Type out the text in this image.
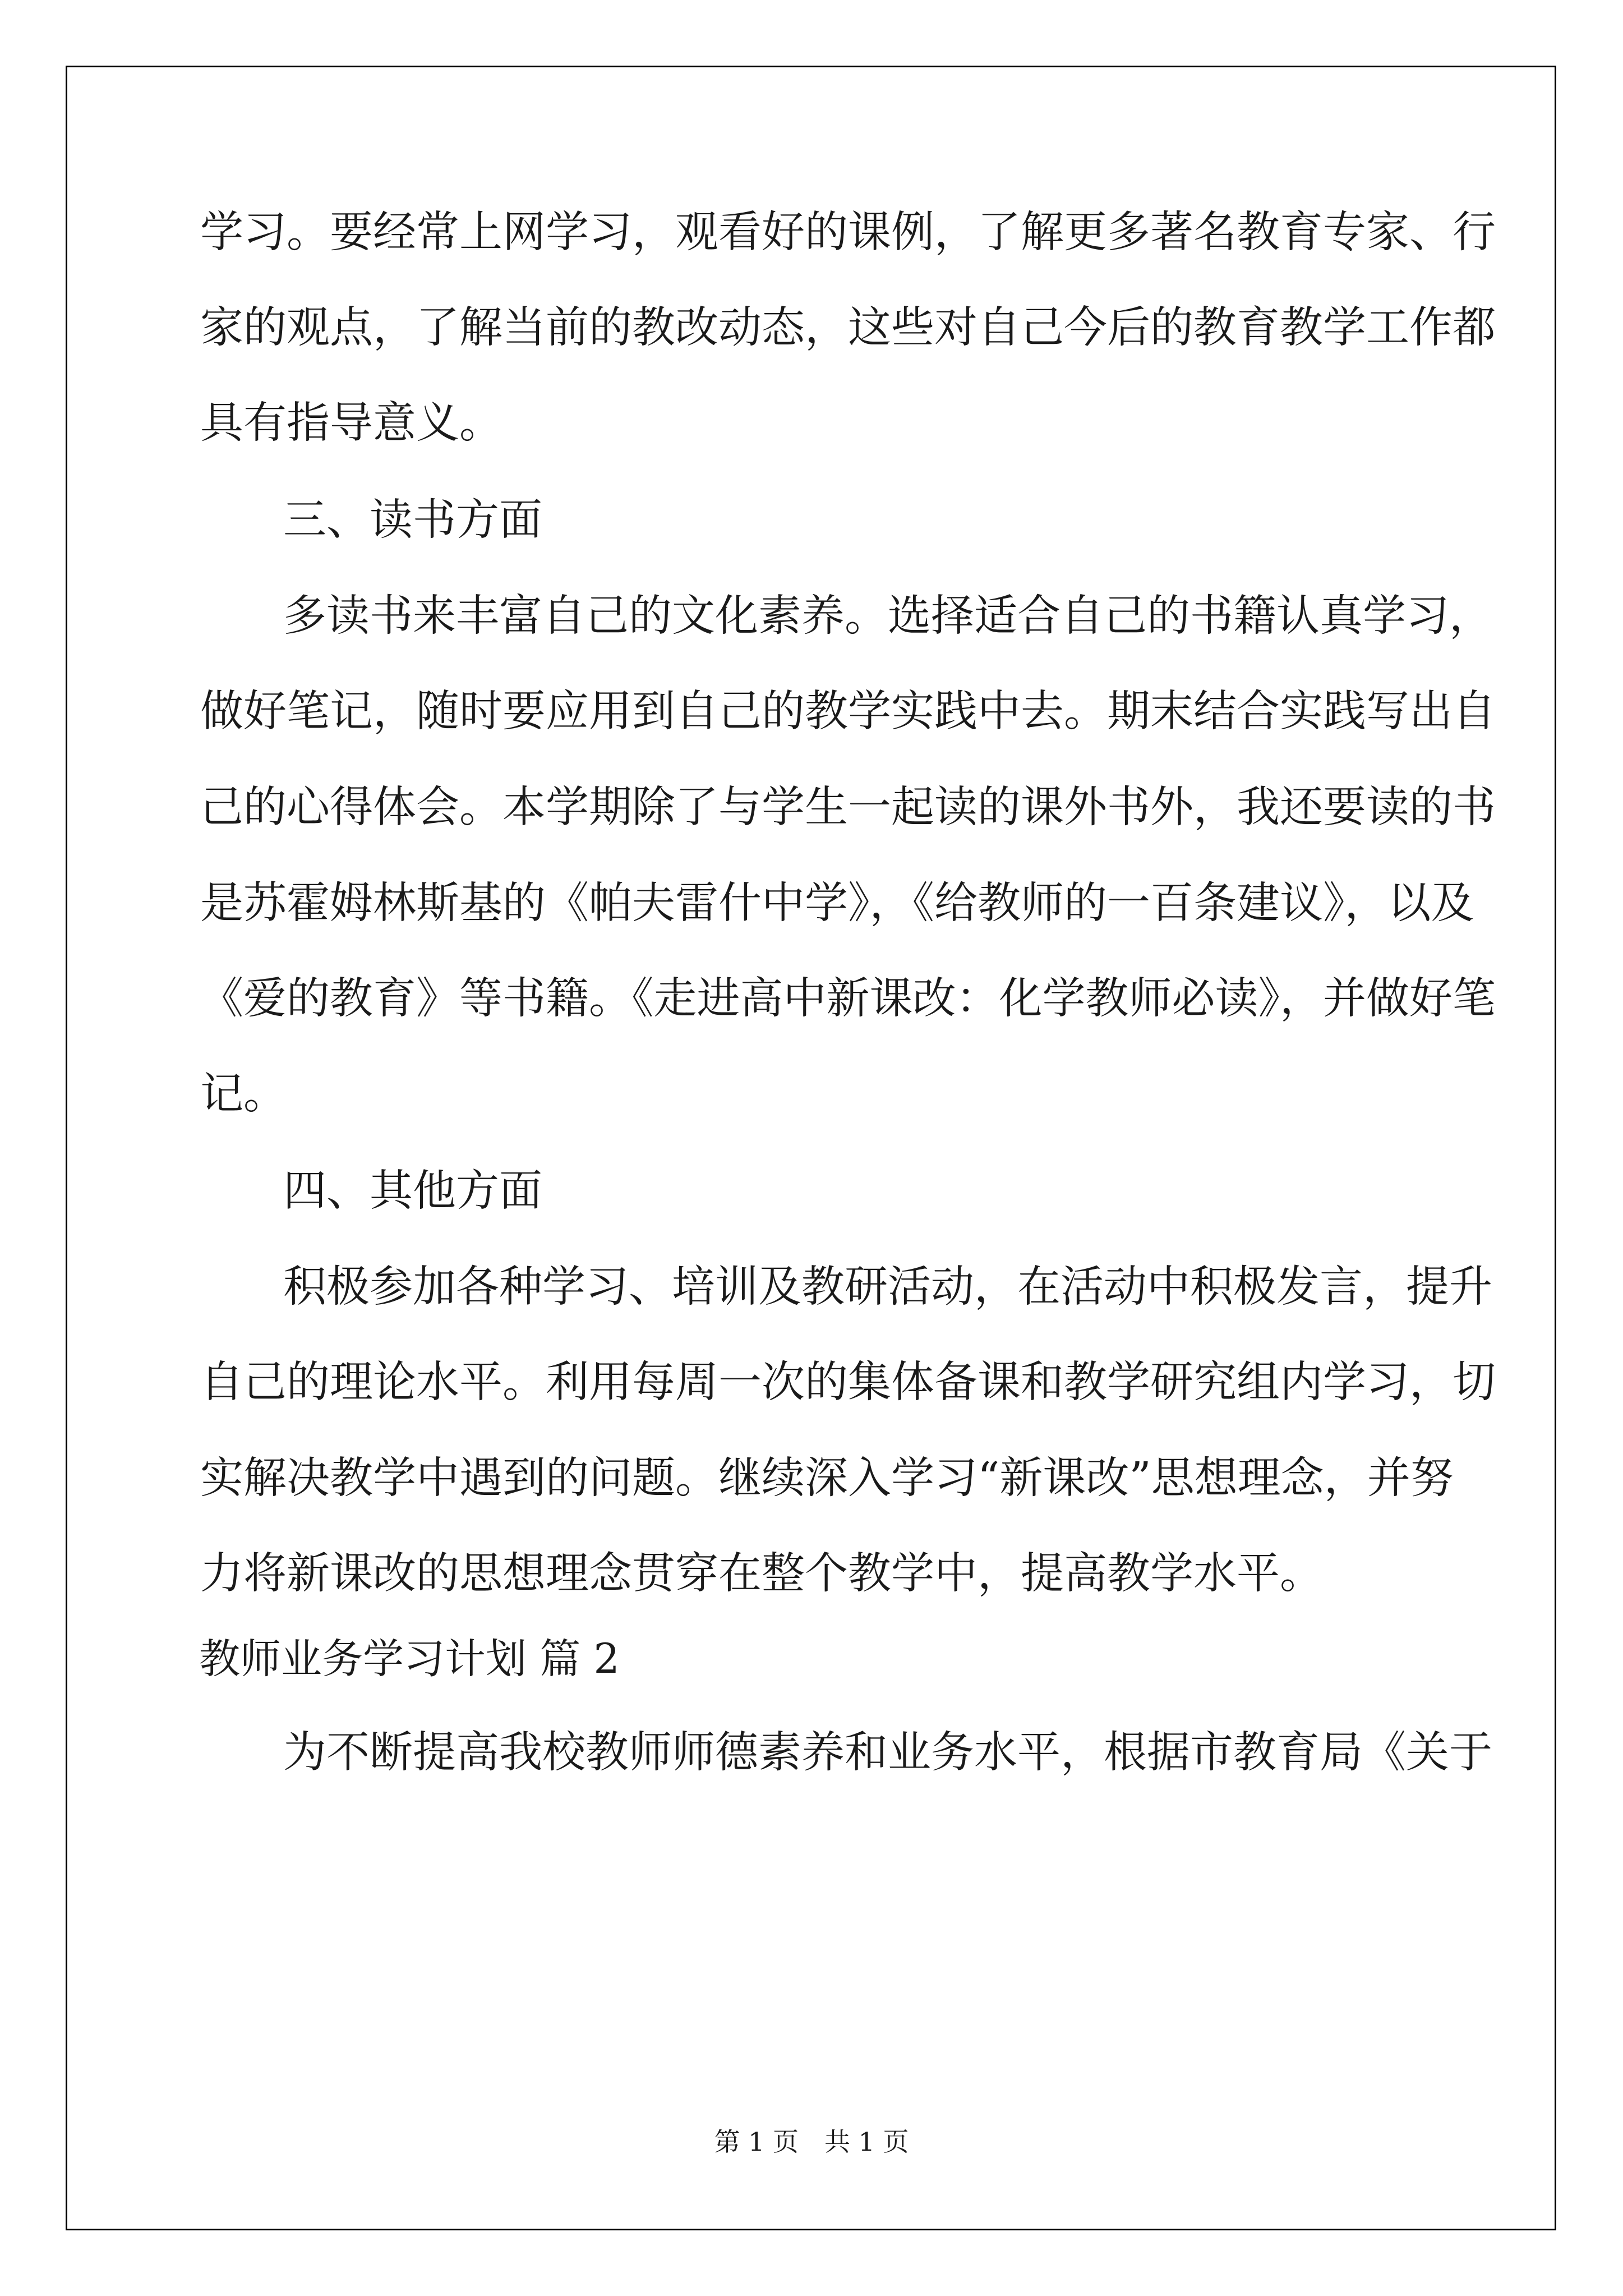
学习。要经常上网学习，观看好的课例，了解更多著名教育专家、行
家的观点，了解当前的教改动态，这些对自己今后的教育教学工作都
具有指导意义。
三、读书方面
多读书来丰富自己的文化素养。选择适合自己的书籍认真学习，
做好笔记，随时要应用到自己的教学实践中去。期末结合实践写出自
己的心得体会。本学期除了与学生一起读的课外书外，我还要读的书
是苏霍姆林斯基的《帕夫雷什中学》，《给教师的一百条建议》，以及
《爱的教育》等书籍。《走进高中新课改：化学教师必读》，并做好笔
记。
四、其他方面
积极参加各种学习、培训及教研活动，在活动中积极发言，提升
自己的理论水平。利用每周一次的集体备课和教学研究组内学习，切
实解决教学中遇到的问题。继续深入学习“新课改”思想理念，并努
力将新课改的思想理念贯穿在整个教学中，提高教学水平。
教师业务学习计划 篇 2
为不断提高我校教师师德素养和业务水平，根据市教育局《关于
第 1 页　共 1 页
